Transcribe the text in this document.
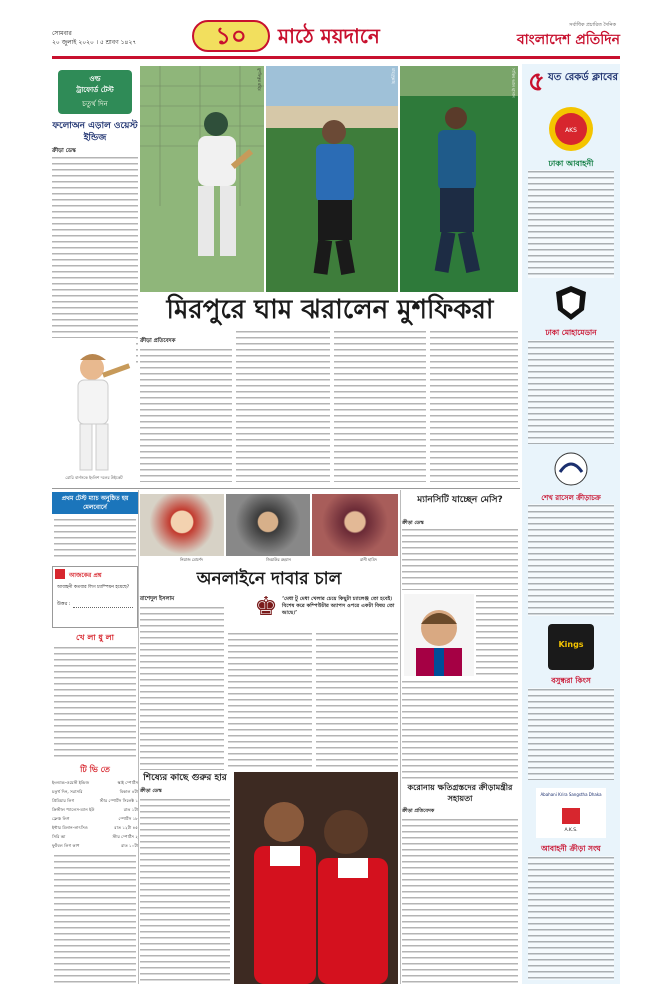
সোমবার
২০ জুলাই ২০২০ । ৫ শ্রাবণ ১৪২৭	১০	মাঠে ময়দানে	সর্বাধিক প্রচারিত দৈনিক
বাংলাদেশ প্রতিদিন
ওল্ড
ট্রাফোর্ড টেস্ট
চতুর্থ দিন
ফলোঅন এড়াল ওয়েস্ট ইন্ডিজ
ক্রীড়া ডেস্ক
মুশফিকুর রহিম	মাহমুদুল্লাহ	সাকিব আল হাসান ৫ যত রেকর্ড ক্লাবের
AKS
ঢাকা আবাহনী
ঢাকা মোহামেডান
শেখ রাসেল ক্রীড়াচক্র
Kings
বসুন্ধরা কিংস
Abahani Krira Sangstha Dhaka
A.K.S.
আবাহনী ক্রীড়া সংঘ
মিরপুরে ঘাম ঝরালেন মুশফিকরা
রোরি বার্নসকে ইংলিশ দলের উইকেট
ক্রীড়া প্রতিবেদক
প্রথম টেস্ট ম্যাচ অনুষ্ঠিত হয় মেলবোর্নে
আজকের প্রশ্ন
আবাহনী কতবার লিগ চ্যাম্পিয়ন হয়েছে?
উত্তর :
খে লা ধু লা
টি ভি তে
ইংল্যান্ড-ওয়েস্ট ইন্ডিজ	স্কাই স্পোর্টস
চতুর্থ দিন, সরাসরি	বিকাল ৪টা
প্রিমিয়ার লিগ	স্টার স্পোর্টস সিলেক্ট ১
ক্রিস্টাল প্যালেস-ম্যান ইউ	রাত ১টা
ফ্রেঞ্চ লিগ	স্পোর্টস ১৮
ইন্টার মিলান-লাৎসিও	রাত ১২টা ৪৫
সিরি আ	স্টার স্পোর্টস ২
ফুটবল লিগ কাপ	রাত ১০টা
নিয়াজ মোর্শেদ	জিয়াউর রহমান	রানী হামিদ
অনলাইনে দাবার চাল
♚ ‘মেধা টু মেধা খেলার চেয়ে কিছুটা চ্যালেঞ্জ তো হবেই। বিশেষ করে কম্পিউটার অ্যাপস ওপরে একটা বিষয় তো আছে।’
রাশেদুল ইসলাম
ম্যানসিটি যাচ্ছেন মেসি?
ক্রীড়া ডেস্ক
শিষ্যের কাছে গুরুর হার
ক্রীড়া ডেস্ক	করোনায় ক্ষতিগ্রস্তদের ক্রীড়ামন্ত্রীর সহায়তা
ক্রীড়া প্রতিবেদক
